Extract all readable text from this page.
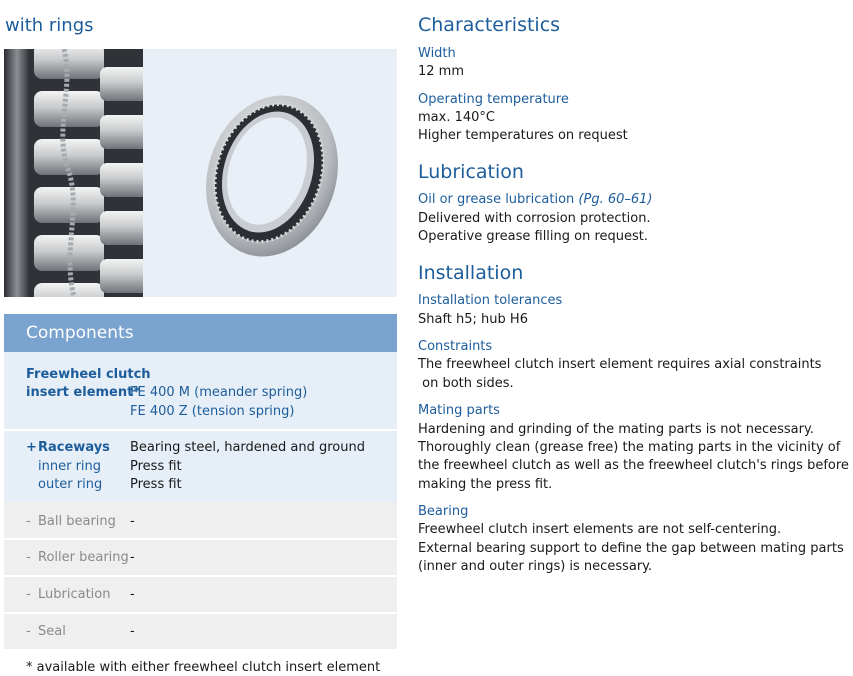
with rings
Components
Freewheel clutch
insert element*
FE 400 M (meander spring)
FE 400 Z (tension spring)
+ Raceways Bearing steel, hardened and ground
inner ring Press fit
outer ring Press fit
- Ball bearing -
- Roller bearing -
- Lubrication -
- Seal	-
* available with either freewheel clutch insert element
Characteristics
Width
12 mm
Operating temperature
max. 140°C
Higher temperatures on request
Lubrication
Oil or grease lubrication (Pg. 60–61)
Delivered with corrosion protection.
Operative grease filling on request.
Installation
Installation tolerances
Shaft h5; hub H6
Constraints
The freewheel clutch insert element requires axial constraints
on both sides.
Mating parts
Hardening and grinding of the mating parts is not necessary.
Thoroughly clean (grease free) the mating parts in the vicinity of
the freewheel clutch as well as the freewheel clutch's rings before
making the press fit.
Bearing
Freewheel clutch insert elements are not self-centering.
External bearing support to define the gap between mating parts
(inner and outer rings) is necessary.
